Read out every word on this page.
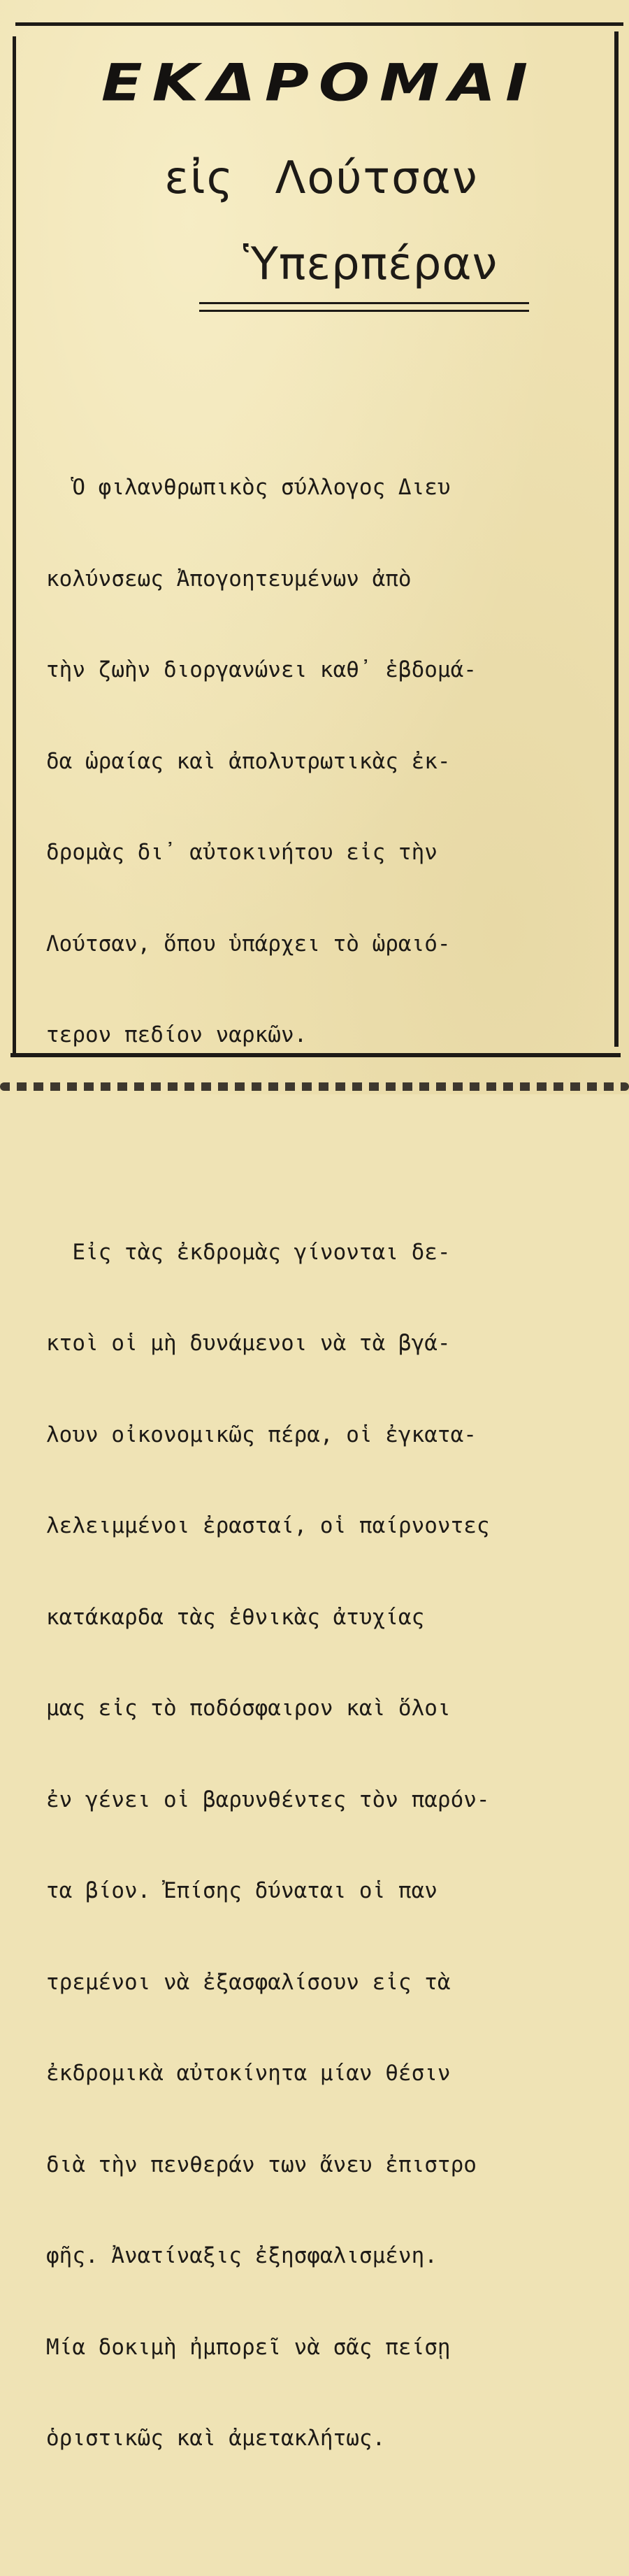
ΕΚΔΡΟΜΑΙ
εἰς Λούτσαν
Ὑπερπέραν

Ὁ φιλανθρωπικὸς σύλλογος Διευ

κολύνσεως Ἀπογοητευμένων ἀπὸ

τὴν ζωὴν διοργανώνει καθ᾽ ἑβδομά-

δα ὡραίας καὶ ἀπολυτρωτικὰς ἐκ-

δρομὰς δι᾽ αὐτοκινήτου εἰς τὴν

Λούτσαν, ὅπου ὑπάρχει τὸ ὡραιό-

τερον πεδίον ναρκῶν.

Εἰς τὰς ἐκδρομὰς γίνονται δε-

κτοὶ οἱ μὴ δυνάμενοι νὰ τὰ βγά-

λουν οἰκονομικῶς πέρα, οἱ ἐγκατα-

λελειμμένοι ἐρασταί, οἱ παίρνοντες

κατάκαρδα τὰς ἐθνικὰς ἀτυχίας

μας εἰς τὸ ποδόσφαιρον καὶ ὅλοι

ἐν γένει οἱ βαρυνθέντες τὸν παρόν-

τα βίον. Ἐπίσης δύναται οἱ παν

τρεμένοι νὰ ἐξασφαλίσουν εἰς τὰ

ἐκδρομικὰ αὐτοκίνητα μίαν θέσιν

διὰ τὴν πενθεράν των ἄνευ ἐπιστρο

φῆς. Ἀνατίναξις ἐξησφαλισμένη.

Μία δοκιμὴ ἠμπορεῖ νὰ σᾶς πείσῃ

ὁριστικῶς καὶ ἀμετακλήτως.
